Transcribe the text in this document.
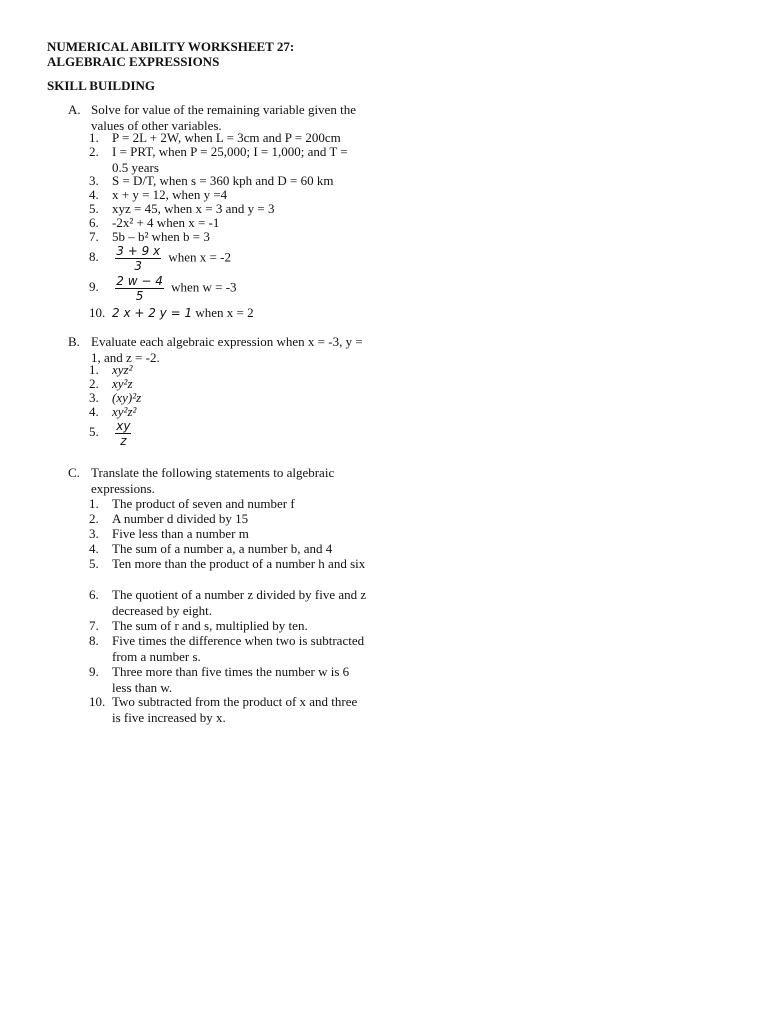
NUMERICAL ABILITY WORKSHEET 27:
ALGEBRAIC EXPRESSIONS
SKILL BUILDING
A. Solve for value of the remaining variable given the values of other variables.
1. P = 2L + 2W, when L = 3cm and P = 200cm
2. I = PRT, when P = 25,000; I = 1,000; and T = 0.5 years
3. S = D/T, when s = 360 kph and D = 60 km
4. x + y = 12, when y =4
5. xyz = 45, when x = 3 and y = 3
6. -2x² + 4 when x = -1
7. 5b – b² when b = 3
8. $\frac{3 + 9 x}{3}$ when x = -2
9. $\frac{2 w - 4}{5}$ when w = -3
10. 2 x + 2 y = 1 when x = 2
B. Evaluate each algebraic expression when x = -3, y = 1, and z = -2.
1. xyz²
2. xy²z
3. (xy)²z
4. xy²z²
5. $\frac{xy}{z}$
C. Translate the following statements to algebraic expressions.
1. The product of seven and number f
2. A number d divided by 15
3. Five less than a number m
4. The sum of a number a, a number b, and 4
5. Ten more than the product of a number h and six
6. The quotient of a number z divided by five and z decreased by eight.
7. The sum of r and s, multiplied by ten.
8. Five times the difference when two is subtracted from a number s.
9. Three more than five times the number w is 6 less than w.
10. Two subtracted from the product of x and three is five increased by x.
